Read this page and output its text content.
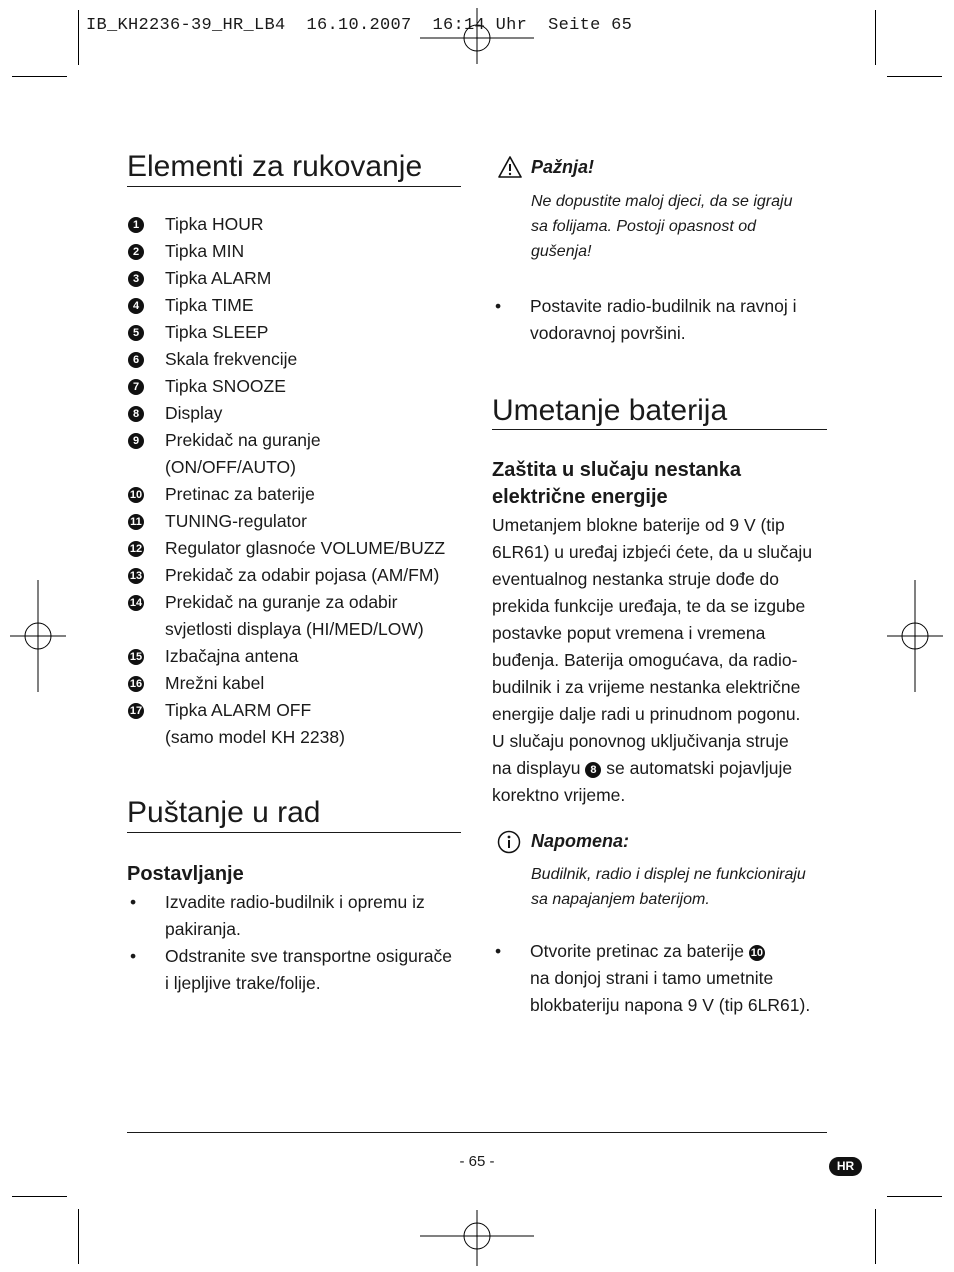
IB_KH2236-39_HR_LB4  16.10.2007  16:14 Uhr  Seite 65
Elementi za rukovanje
1 Tipka HOUR
2 Tipka MIN
3 Tipka ALARM
4 Tipka TIME
5 Tipka SLEEP
6 Skala frekvencije
7 Tipka SNOOZE
8 Display
9 Prekidač na guranje
(ON/OFF/AUTO)
10 Pretinac za baterije
11 TUNING-regulator
12 Regulator glasnoće VOLUME/BUZZ
13 Prekidač za odabir pojasa (AM/FM)
14 Prekidač na guranje za odabir
svjetlosti displaya (HI/MED/LOW)
15 Izbačajna antena
16 Mrežni kabel
17 Tipka ALARM OFF
(samo model KH 2238)
Puštanje u rad
Postavljanje
• Izvadite radio-budilnik i opremu iz
pakiranja.
• Odstranite sve transportne osigurače
i ljepljive trake/folije.
Pažnja!
Ne dopustite maloj djeci, da se igraju
sa folijama. Postoji opasnost od
gušenja!
• Postavite radio-budilnik na ravnoj i
vodoravnoj površini.
Umetanje baterija
Zaštita u slučaju nestanka
električne energije
Umetanjem blokne baterije od 9 V (tip
6LR61) u uređaj izbjeći ćete, da u slučaju
eventualnog nestanka struje dođe do
prekida funkcije uređaja, te da se izgube
postavke poput vremena i vremena
buđenja. Baterija omogućava, da radio-
budilnik i za vrijeme nestanka električne
energije dalje radi u prinudnom pogonu.
U slučaju ponovnog uključivanja struje
na displayu 8 se automatski pojavljuje
korektno vrijeme.
Napomena:
Budilnik, radio i displej ne funkcioniraju
sa napajanjem baterijom.
•	Otvorite pretinac za baterije 10
na donjoj strani i tamo umetnite
blokbateriju napona 9 V (tip 6LR61).
- 65 -	HR
